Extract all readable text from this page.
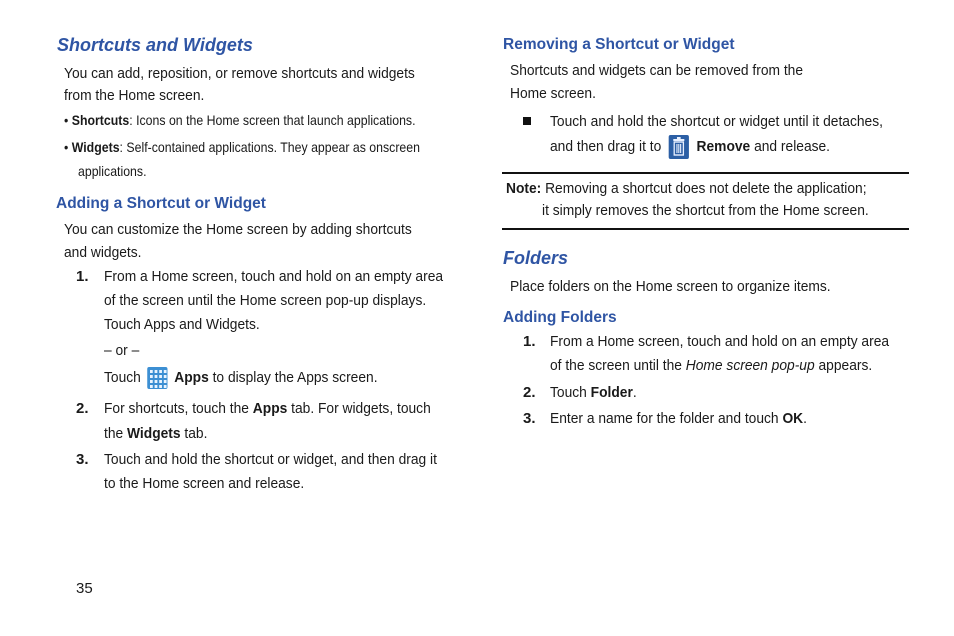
Shortcuts and Widgets
You can add, reposition, or remove shortcuts and widgets
from the Home screen.
• Shortcuts: Icons on the Home screen that launch applications.
• Widgets: Self-contained applications. They appear as onscreen
applications.
Adding a Shortcut or Widget
You can customize the Home screen by adding shortcuts
and widgets.
1. From a Home screen, touch and hold on an empty area
of the screen until the Home screen pop-up displays.
Touch Apps and Widgets.
– or –
Touch Apps to display the Apps screen.
2. For shortcuts, touch the Apps tab. For widgets, touch
the Widgets tab.
3. Touch and hold the shortcut or widget, and then drag it
to the Home screen and release.
35
Removing a Shortcut or Widget
Shortcuts and widgets can be removed from the
Home screen.
Touch and hold the shortcut or widget until it detaches,
and then drag it to Remove and release.
Note: Removing a shortcut does not delete the application;
it simply removes the shortcut from the Home screen.
Folders
Place folders on the Home screen to organize items.
Adding Folders
1. From a Home screen, touch and hold on an empty area
of the screen until the Home screen pop-up appears.
2. Touch Folder.
3. Enter a name for the folder and touch OK.
